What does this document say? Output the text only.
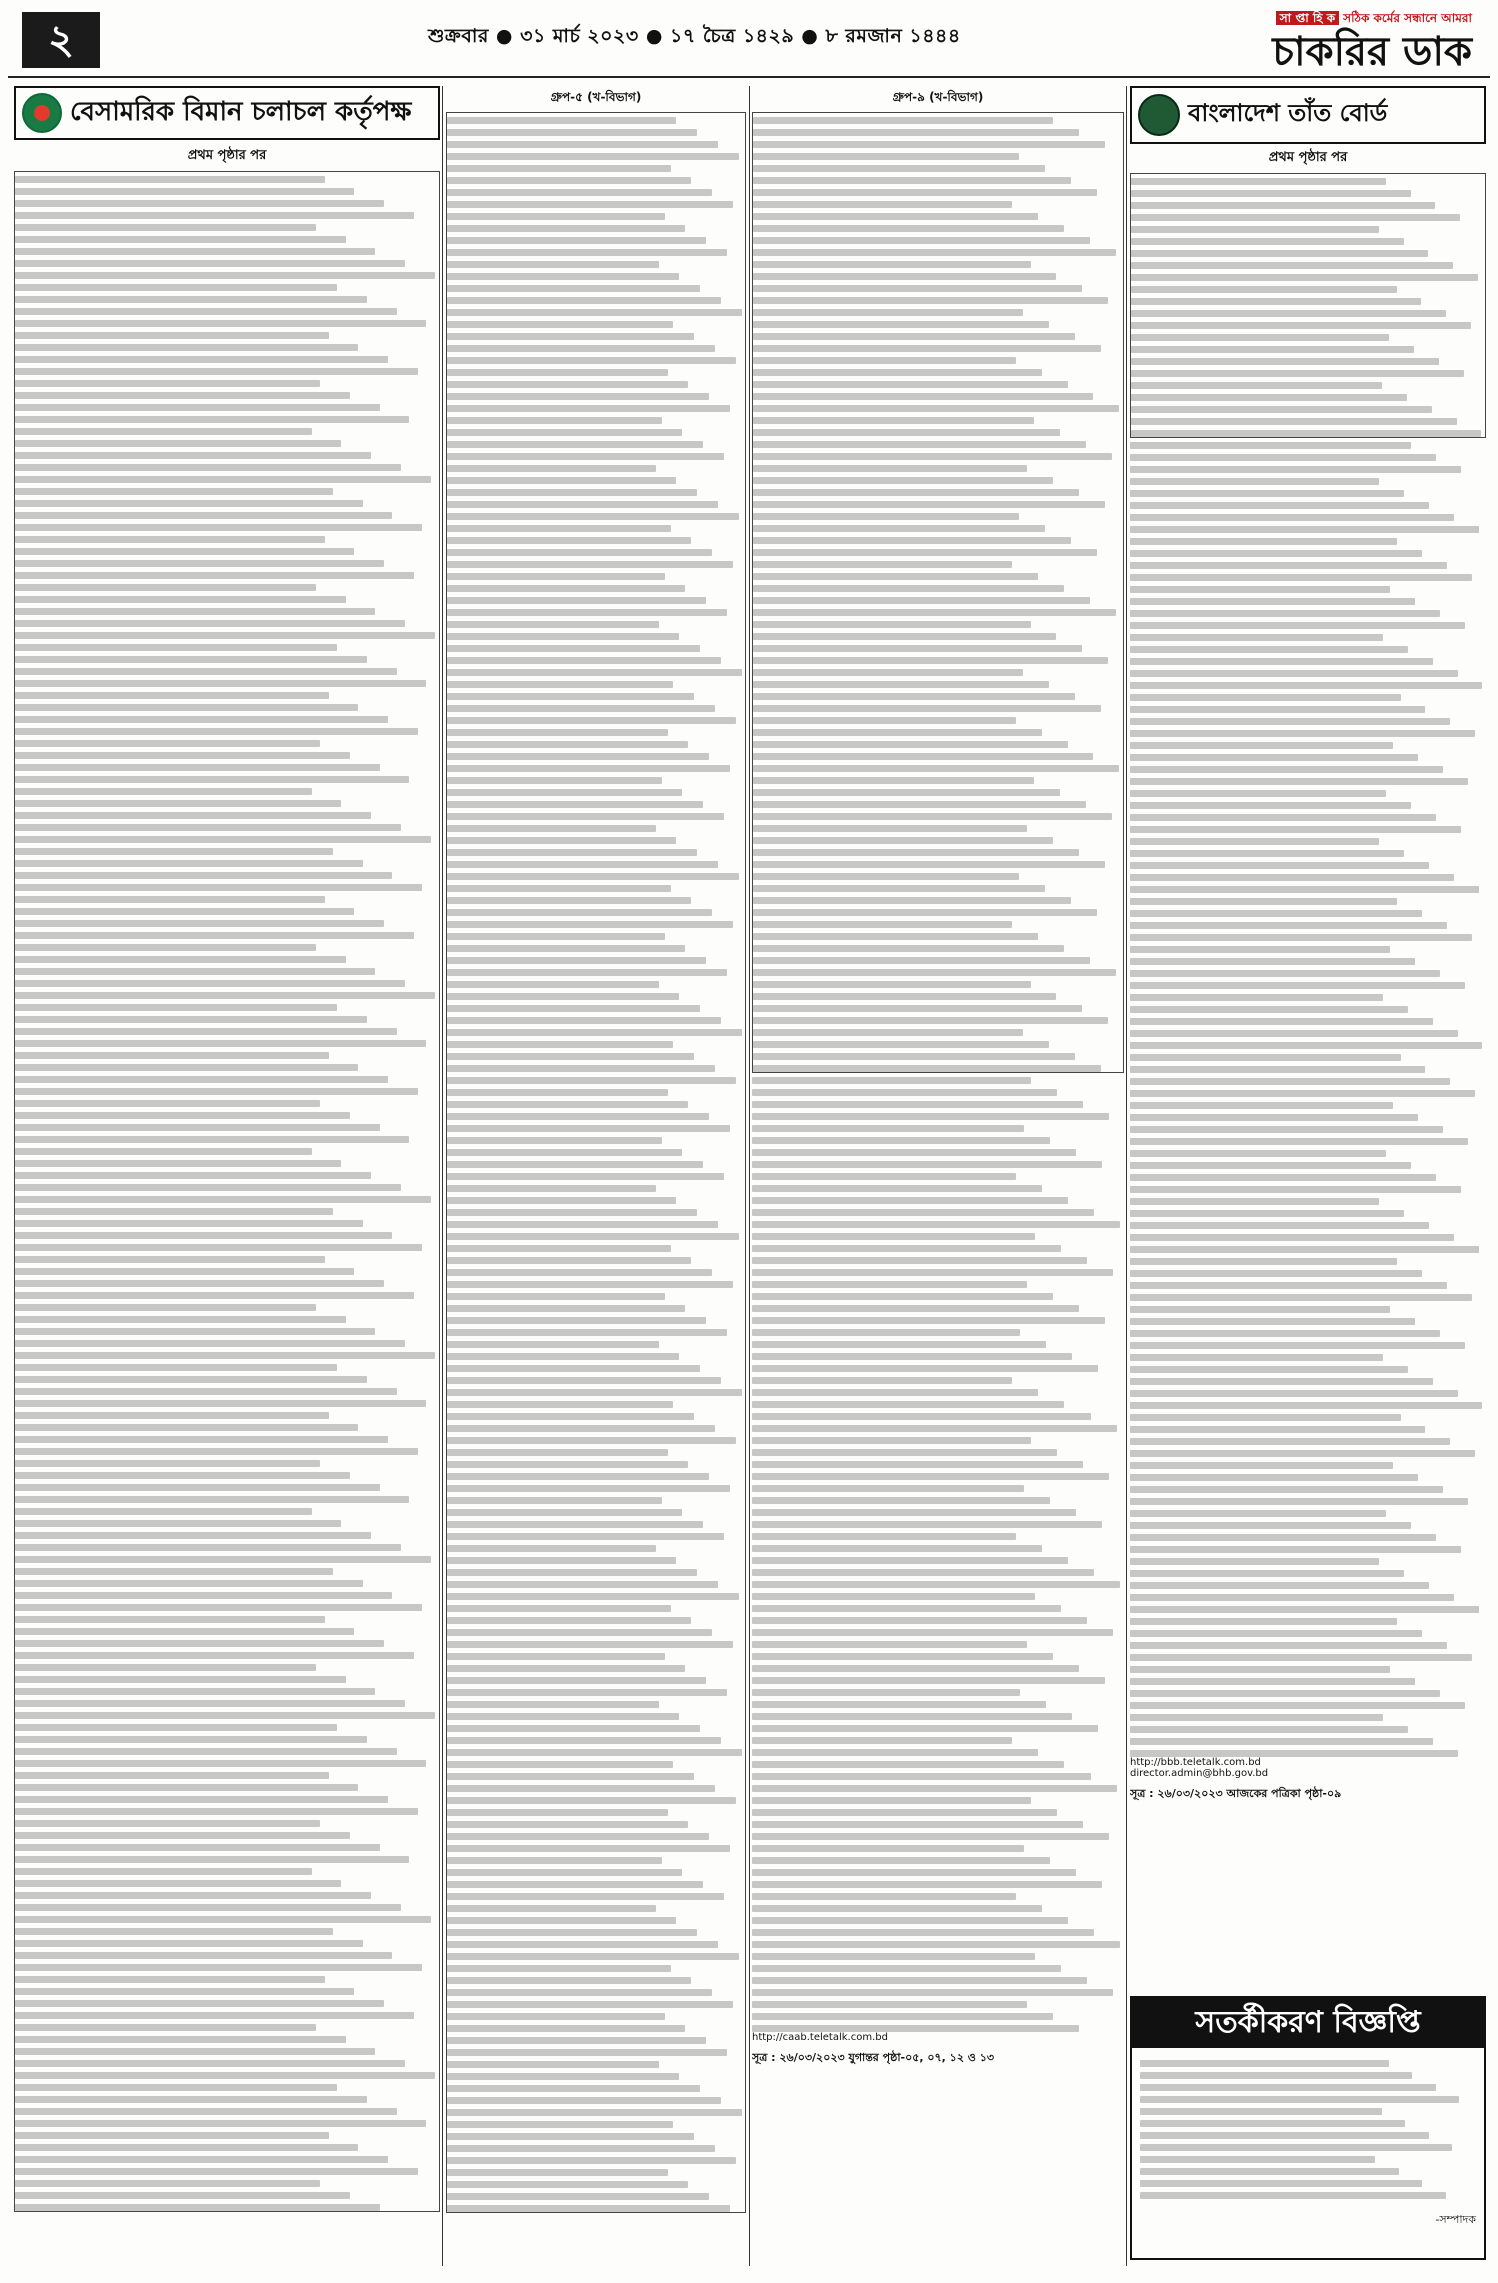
২	শুক্রবার ● ৩১ মার্চ ২০২৩ ● ১৭ চৈত্র ১৪২৯ ● ৮ রমজান ১৪৪৪
সা প্তা হি ক সঠিক কর্মের সন্ধানে আমরা
চাকরির ডাক
বেসামরিক বিমান চলাচল কর্তৃপক্ষ
প্রথম পৃষ্ঠার পর
গ্রুপ-৫ (খ-বিভাগ)	গ্রুপ-৯ (খ-বিভাগ)
http://caab.teletalk.com.bd
সূত্র : ২৬/০৩/২০২৩ যুগান্তর পৃষ্ঠা-০৫, ০৭, ১২ ও ১৩
বাংলাদেশ তাঁত বোর্ড
প্রথম পৃষ্ঠার পর
http://bbb.teletalk.com.bd
director.admin@bhb.gov.bd
সূত্র : ২৬/০৩/২০২৩ আজকের পত্রিকা পৃষ্ঠা-০৯
সতর্কীকরণ বিজ্ঞপ্তি
-সম্পাদক
